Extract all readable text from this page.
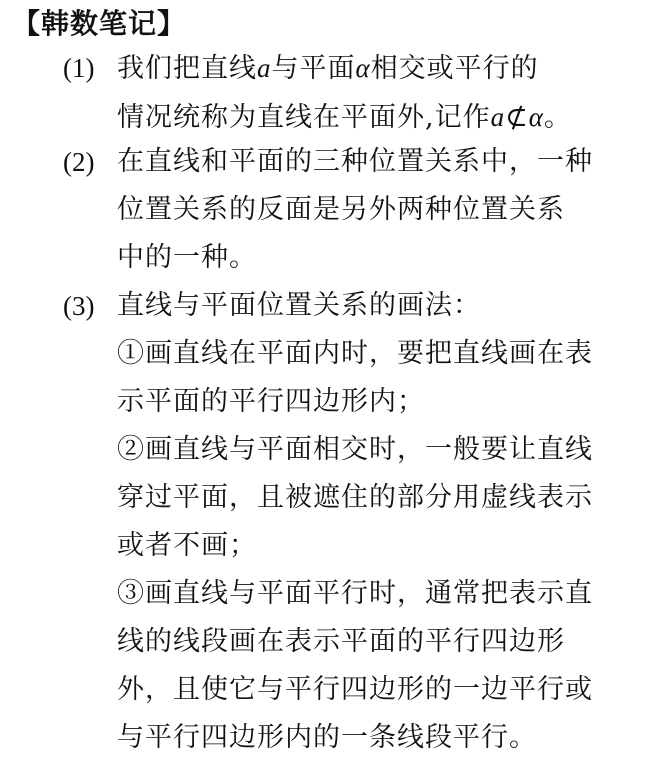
【韩数笔记】
(1) 我们把直线a与平面α相交或平行的
情况统称为直线在平面外,记作a⊄α。
(2) 在直线和平面的三种位置关系中，一种
位置关系的反面是另外两种位置关系
中的一种。
(3) 直线与平面位置关系的画法：
①画直线在平面内时，要把直线画在表
示平面的平行四边形内；
②画直线与平面相交时，一般要让直线
穿过平面，且被遮住的部分用虚线表示
或者不画；
③画直线与平面平行时，通常把表示直
线的线段画在表示平面的平行四边形
外，且使它与平行四边形的一边平行或
与平行四边形内的一条线段平行。
